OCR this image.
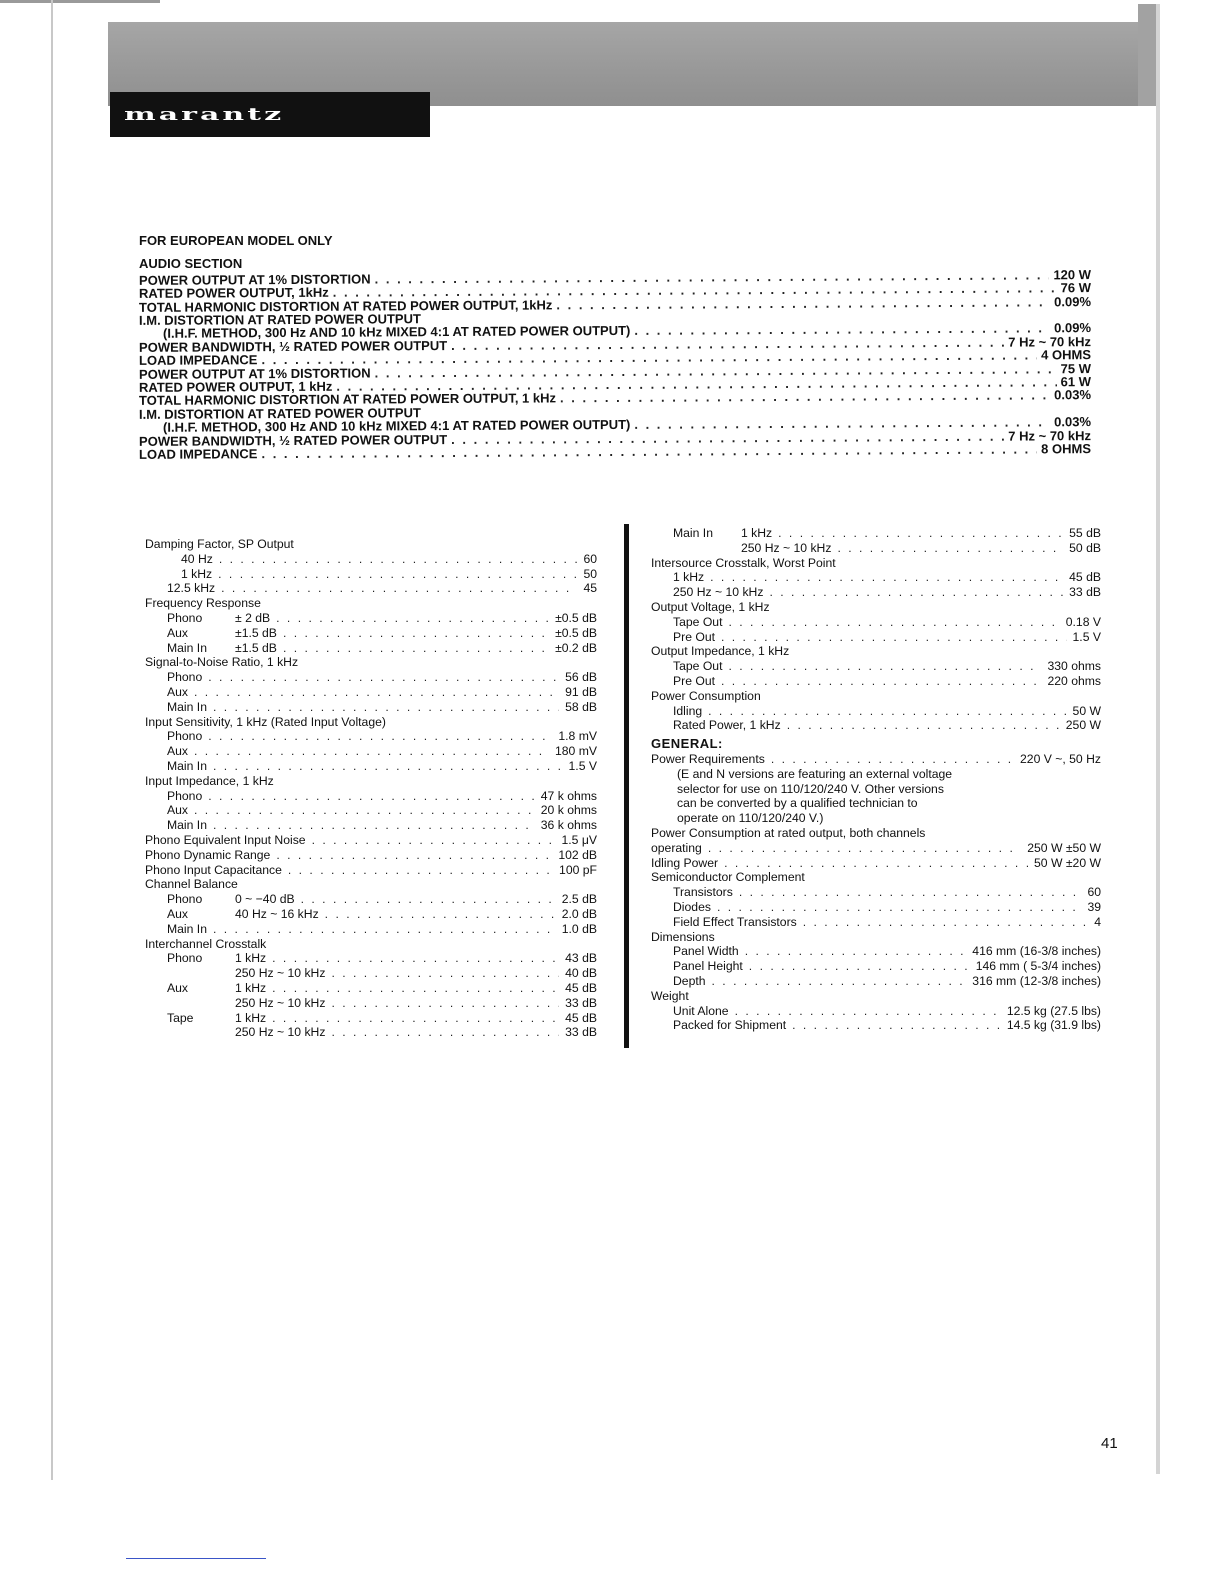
marantz
FOR EUROPEAN MODEL ONLY
AUDIO SECTION
POWER OUTPUT AT 1% DISTORTION . . .	120 W
RATED POWER OUTPUT, 1kHz . . .	76 W
TOTAL HARMONIC DISTORTION AT RATED POWER OUTPUT, 1kHz . . .	0.09%
I.M. DISTORTION AT RATED POWER OUTPUT
(I.H.F. METHOD, 300 Hz AND 10 kHz MIXED 4:1 AT RATED POWER OUTPUT) . . .	0.09%
POWER BANDWIDTH, ½ RATED POWER OUTPUT . . .	7 Hz ~ 70 kHz
LOAD IMPEDANCE . . .	4 OHMS
POWER OUTPUT AT 1% DISTORTION . . .	75 W
RATED POWER OUTPUT, 1 kHz . . .	61 W
TOTAL HARMONIC DISTORTION AT RATED POWER OUTPUT, 1 kHz . . .	0.03%
I.M. DISTORTION AT RATED POWER OUTPUT
(I.H.F. METHOD, 300 Hz AND 10 kHz MIXED 4:1 AT RATED POWER OUTPUT) . . .	0.03%
POWER BANDWIDTH, ½ RATED POWER OUTPUT . . .	7 Hz ~ 70 kHz
LOAD IMPEDANCE . . .	8 OHMS
Damping Factor, SP Output
40 Hz . . .	60
1 kHz . . .	50
12.5 kHz . . .	45
Frequency Response
Phono	± 2 dB . . .	±0.5 dB
Aux	±1.5 dB . . .	±0.5 dB
Main In ±1.5 dB . . .	±0.2 dB
Signal-to-Noise Ratio, 1 kHz
Phono . . .	56 dB
Aux . . .	91 dB
Main In . . .	58 dB
Input Sensitivity, 1 kHz (Rated Input Voltage)
Phono . . .	1.8 mV
Aux . . .	180 mV
Main In . . .	1.5 V
Input Impedance, 1 kHz
Phono . . .	47 k ohms
Aux . . .	20 k ohms
Main In . . .	36 k ohms
Phono Equivalent Input Noise . . .	1.5 μV
Phono Dynamic Range . . .	102 dB
Phono Input Capacitance . . .	100 pF
Channel Balance
Phono	0 ~ −40 dB . . .	2.5 dB
Aux	40 Hz ~ 16 kHz . . .	2.0 dB
Main In . . .	1.0 dB
Interchannel Crosstalk
Phono	1 kHz . . .	43 dB
250 Hz ~ 10 kHz . . .	40 dB
Aux	1 kHz . . .	45 dB
250 Hz ~ 10 kHz . . .	33 dB
Tape	1 kHz . . .	45 dB
250 Hz ~ 10 kHz . . .	33 dB
Main In 1 kHz . . .	55 dB
250 Hz ~ 10 kHz . . .	50 dB
Intersource Crosstalk, Worst Point
1 kHz . . .	45 dB
250 Hz ~ 10 kHz . . .	33 dB
Output Voltage, 1 kHz
Tape Out . . .	0.18 V
Pre Out . . .	1.5 V
Output Impedance, 1 kHz
Tape Out . . .	330 ohms
Pre Out . . .	220 ohms
Power Consumption
Idling . . .	50 W
Rated Power, 1 kHz . . .	250 W
GENERAL:
Power Requirements . . .	220 V ~, 50 Hz
(E and N versions are featuring an external voltage
selector for use on 110/120/240 V. Other versions
can be converted by a qualified technician to
operate on 110/120/240 V.)
Power Consumption at rated output, both channels
operating . . .	250 W ±50 W
Idling Power . . .	50 W ±20 W
Semiconductor Complement
Transistors . . .	60
Diodes . . .	39
Field Effect Transistors . . .	4
Dimensions
Panel Width . . .	416 mm (16-3/8 inches)
Panel Height . . .	146 mm ( 5-3/4 inches)
Depth . . .	316 mm (12-3/8 inches)
Weight
Unit Alone . . .	12.5 kg (27.5 lbs)
Packed for Shipment . . .	14.5 kg (31.9 lbs)
41
